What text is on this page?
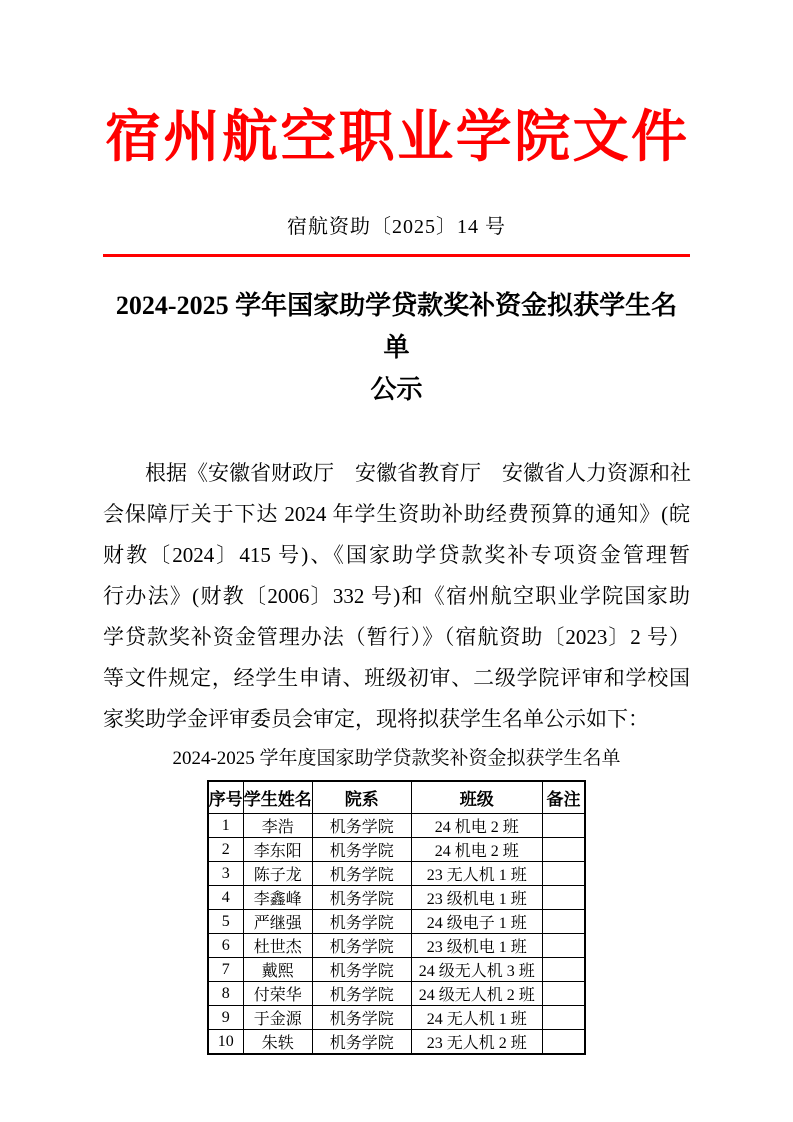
宿州航空职业学院文件
宿航资助〔2025〕14 号
2024-2025 学年国家助学贷款奖补资金拟获学生名单
公示
根据《安徽省财政厅　安徽省教育厅　安徽省人力资源和社
会保障厅关于下达 2024 年学生资助补助经费预算的通知》(皖
财教〔2024〕415 号)、《国家助学贷款奖补专项资金管理暂
行办法》(财教〔2006〕332 号)和《宿州航空职业学院国家助
学贷款奖补资金管理办法（暂行）》（宿航资助〔2023〕2 号）
等文件规定，经学生申请、班级初审、二级学院评审和学校国
家奖助学金评审委员会审定，现将拟获学生名单公示如下：
2024-2025 学年度国家助学贷款奖补资金拟获学生名单
序号	学生姓名	院系	班级	备注
1	李浩	机务学院	24 机电 2 班	
2	李东阳	机务学院	24 机电 2 班	
3	陈子龙	机务学院	23 无人机 1 班	
4	李鑫峰	机务学院	23 级机电 1 班	
5	严继强	机务学院	24 级电子 1 班	
6	杜世杰	机务学院	23 级机电 1 班	
7	戴熙	机务学院	24 级无人机 3 班	
8	付荣华	机务学院	24 级无人机 2 班	
9	于金源	机务学院	24 无人机 1 班	
10	朱轶	机务学院	23 无人机 2 班	
